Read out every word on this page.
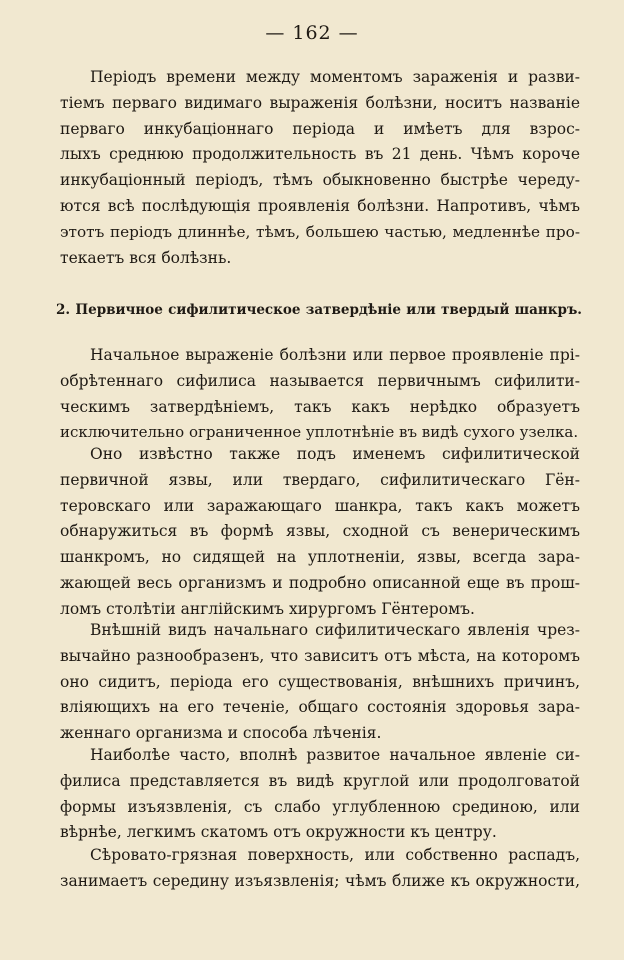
— 162 —
Періодъ времени между моментомъ зараженія и разви-
тіемъ перваго видимаго выраженія болѣзни, носитъ названіе
перваго инкубаціоннаго періода и имѣетъ для взрос-
лыхъ среднюю продолжительность въ 21 день. Чѣмъ короче
инкубаціонный періодъ, тѣмъ обыкновенно быстрѣе череду-
ются всѣ послѣдующія проявленія болѣзни. Напротивъ, чѣмъ
этотъ періодъ длиннѣе, тѣмъ, большею частью, медленнѣе про-
текаетъ вся болѣзнь.
2. Первичное сифилитическое затвердѣніе или твердый шанкръ.
Начальное выраженіе болѣзни или первое проявленіе прі-
обрѣтеннаго сифилиса называется первичнымъ сифилити-
ческимъ затвердѣніемъ, такъ какъ нерѣдко образуетъ
исключительно ограниченное уплотнѣніе въ видѣ сухого узелка.
Оно извѣстно также подъ именемъ сифилитической
первичной язвы, или твердаго, сифилитическаго Гён-
теровскаго или заражающаго шанкра, такъ какъ можетъ
обнаружиться въ формѣ язвы, сходной съ венерическимъ
шанкромъ, но сидящей на уплотненіи, язвы, всегда зара-
жающей весь организмъ и подробно описанной еще въ прош-
ломъ столѣтіи англійскимъ хирургомъ Гёнтеромъ.
Внѣшній видъ начальнаго сифилитическаго явленія чрез-
вычайно разнообразенъ, что зависитъ отъ мѣста, на которомъ
оно сидитъ, періода его существованія, внѣшнихъ причинъ,
вліяющихъ на его теченіе, общаго состоянія здоровья зара-
женнаго организма и способа лѣченія.
Наиболѣе часто, вполнѣ развитое начальное явленіе си-
филиса представляется въ видѣ круглой или продолговатой
формы изъязвленія, съ слабо углубленною срединою, или
вѣрнѣе, легкимъ скатомъ отъ окружности къ центру.
Сѣровато-грязная поверхность, или собственно распадъ,
занимаетъ середину изъязвленія; чѣмъ ближе къ окружности,
